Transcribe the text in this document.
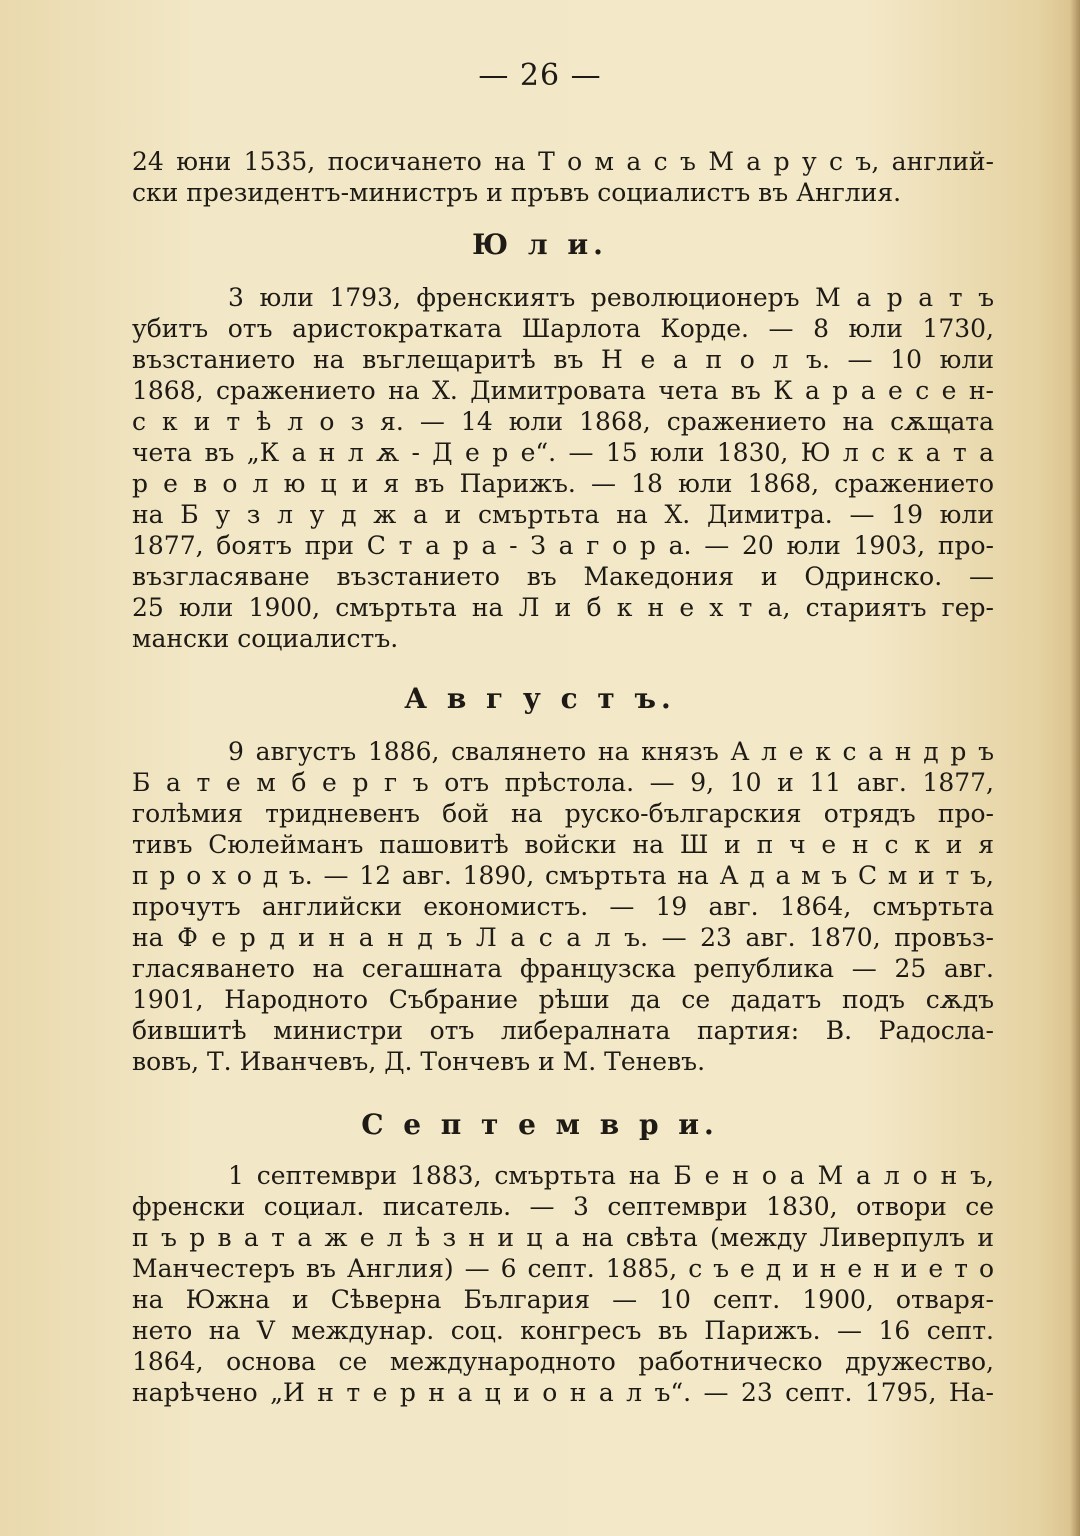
— 26 —
24 юни 1535, посичането на Т о м а с ъ М а р у с ъ, англий-
ски президентъ-министръ и пръвъ социалистъ въ Англия.
Ю л и.
3 юли 1793, френскиятъ революционеръ М а р а т ъ
убитъ отъ аристократката Шарлота Корде. — 8 юли 1730,
възстанието на въглещаритѣ въ Н е а п о л ъ. — 10 юли
1868, сражението на Х. Димитровата чета въ К а р а е с е н-
с к и т ѣ л о з я. — 14 юли 1868, сражението на сѫщата
чета въ „К а н л ѫ - Д е р е“. — 15 юли 1830, Ю л с к а т а
р е в о л ю ц и я въ Парижъ. — 18 юли 1868, сражението
на Б у з л у д ж а и смъртьта на Х. Димитра. — 19 юли
1877, боятъ при С т а р а - З а г о р а. — 20 юли 1903, про-
възгласяване възстанието въ Македония и Одринско. —
25 юли 1900, смъртьта на Л и б к н е х т а, стариятъ гер-
мански социалистъ.
А в г у с т ъ.
9 августъ 1886, свалянето на князъ А л е к с а н д р ъ
Б а т е м б е р г ъ отъ прѣстола. — 9, 10 и 11 авг. 1877,
голѣмия тридневенъ бой на руско-българския отрядъ про-
тивъ Сюлейманъ пашовитѣ войски на Ш и п ч е н с к и я
п р о х о д ъ. — 12 авг. 1890, смъртьта на А д а м ъ С м и т ъ,
прочутъ английски економистъ. — 19 авг. 1864, смъртьта
на Ф е р д и н а н д ъ Л а с а л ъ. — 23 авг. 1870, провъз-
гласяването на сегашната французска република — 25 авг.
1901, Народното Събрание рѣши да се дадатъ подъ сѫдъ
бившитѣ министри отъ либералната партия: В. Радосла-
вовъ, Т. Иванчевъ, Д. Тончевъ и М. Теневъ.
С е п т е м в р и.
1 септември 1883, смъртьта на Б е н о а М а л о н ъ,
френски социал. писатель. — 3 септември 1830, отвори се
п ъ р в а т а ж е л ѣ з н и ц а на свѣта (между Ливерпулъ и
Манчестеръ въ Англия) — 6 септ. 1885, с ъ е д и н е н и е т о
на Южна и Сѣверна България — 10 септ. 1900, отваря-
нето на V междунар. соц. конгресъ въ Парижъ. — 16 септ.
1864, основа се международното работническо дружество,
нарѣчено „И н т е р н а ц и о н а л ъ“. — 23 септ. 1795, На-
